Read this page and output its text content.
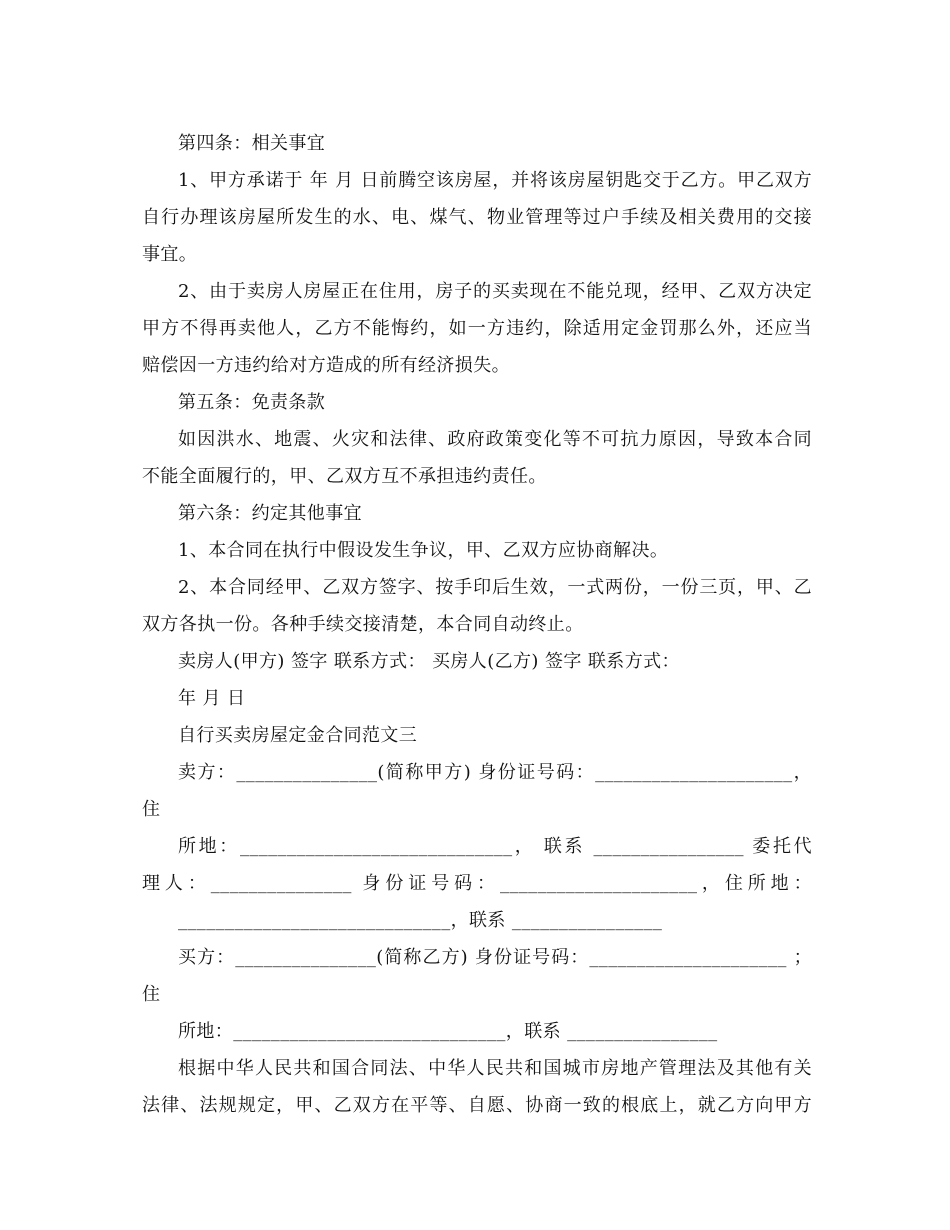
第四条：相关事宜
1、甲方承诺于 年 月 日前腾空该房屋，并将该房屋钥匙交于乙方。甲乙双方
自行办理该房屋所发生的水、电、煤气、物业管理等过户手续及相关费用的交接
事宜。
2、由于卖房人房屋正在住用，房子的买卖现在不能兑现，经甲、乙双方决定
甲方不得再卖他人，乙方不能悔约，如一方违约，除适用定金罚那么外，还应当
赔偿因一方违约给对方造成的所有经济损失。
第五条：免责条款
如因洪水、地震、火灾和法律、政府政策变化等不可抗力原因，导致本合同
不能全面履行的，甲、乙双方互不承担违约责任。
第六条：约定其他事宜
1、本合同在执行中假设发生争议，甲、乙双方应协商解决。
2、本合同经甲、乙双方签字、按手印后生效，一式两份，一份三页，甲、乙
双方各执一份。各种手续交接清楚，本合同自动终止。
卖房人(甲方) 签字 联系方式： 买房人(乙方) 签字 联系方式：
年 月 日
自行买卖房屋定金合同范文三
卖方：_______________(简称甲方) 身份证号码：_____________________，
住
所地：_____________________________， 联系 ________________ 委托代
理人：_______________ 身份证号码：_____________________，住所地：
_____________________________，联系 ________________
买方：_______________(简称乙方) 身份证号码：_____________________ ；
住
所地：_____________________________，联系 ________________
根据中华人民共和国合同法、中华人民共和国城市房地产管理法及其他有关
法律、法规规定，甲、乙双方在平等、自愿、协商一致的根底上，就乙方向甲方
